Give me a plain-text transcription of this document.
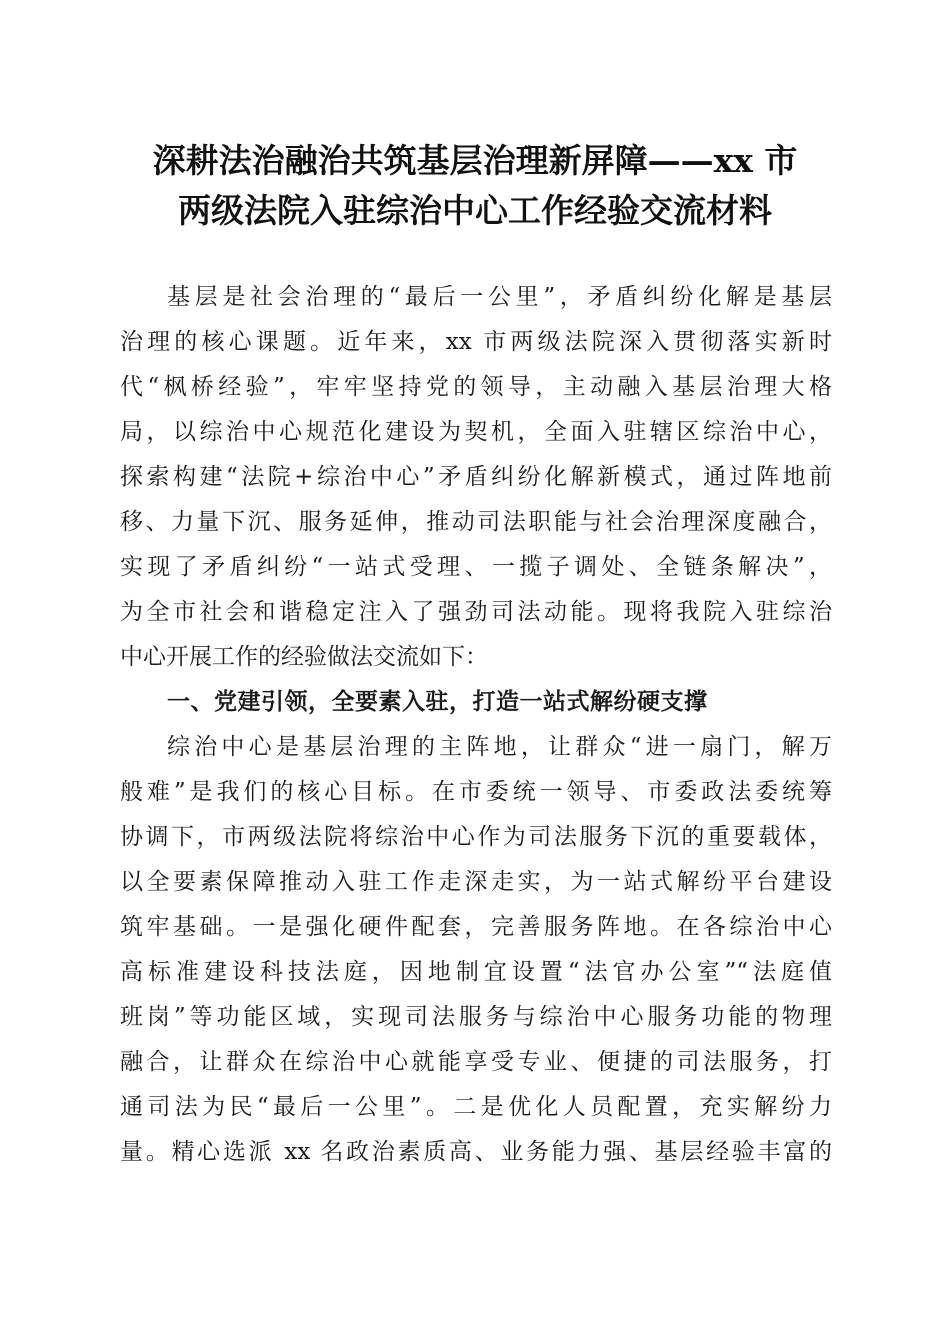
深耕法治融治共筑基层治理新屏障——xx 市
两级法院入驻综治中心工作经验交流材料
基层是社会治理的“最后一公里”，矛盾纠纷化解是基层
治理的核心课题。近年来，xx 市两级法院深入贯彻落实新时
代“枫桥经验”，牢牢坚持党的领导，主动融入基层治理大格
局，以综治中心规范化建设为契机，全面入驻辖区综治中心，
探索构建“法院+综治中心”矛盾纠纷化解新模式，通过阵地前
移、力量下沉、服务延伸，推动司法职能与社会治理深度融合，
实现了矛盾纠纷“一站式受理、一揽子调处、全链条解决”，
为全市社会和谐稳定注入了强劲司法动能。现将我院入驻综治
中心开展工作的经验做法交流如下：
一、党建引领，全要素入驻，打造一站式解纷硬支撑
综治中心是基层治理的主阵地，让群众“进一扇门，解万
般难”是我们的核心目标。在市委统一领导、市委政法委统筹
协调下，市两级法院将综治中心作为司法服务下沉的重要载体，
以全要素保障推动入驻工作走深走实，为一站式解纷平台建设
筑牢基础。一是强化硬件配套，完善服务阵地。在各综治中心
高标准建设科技法庭，因地制宜设置“法官办公室”“法庭值
班岗”等功能区域，实现司法服务与综治中心服务功能的物理
融合，让群众在综治中心就能享受专业、便捷的司法服务，打
通司法为民“最后一公里”。二是优化人员配置，充实解纷力
量。精心选派 xx 名政治素质高、业务能力强、基层经验丰富的
